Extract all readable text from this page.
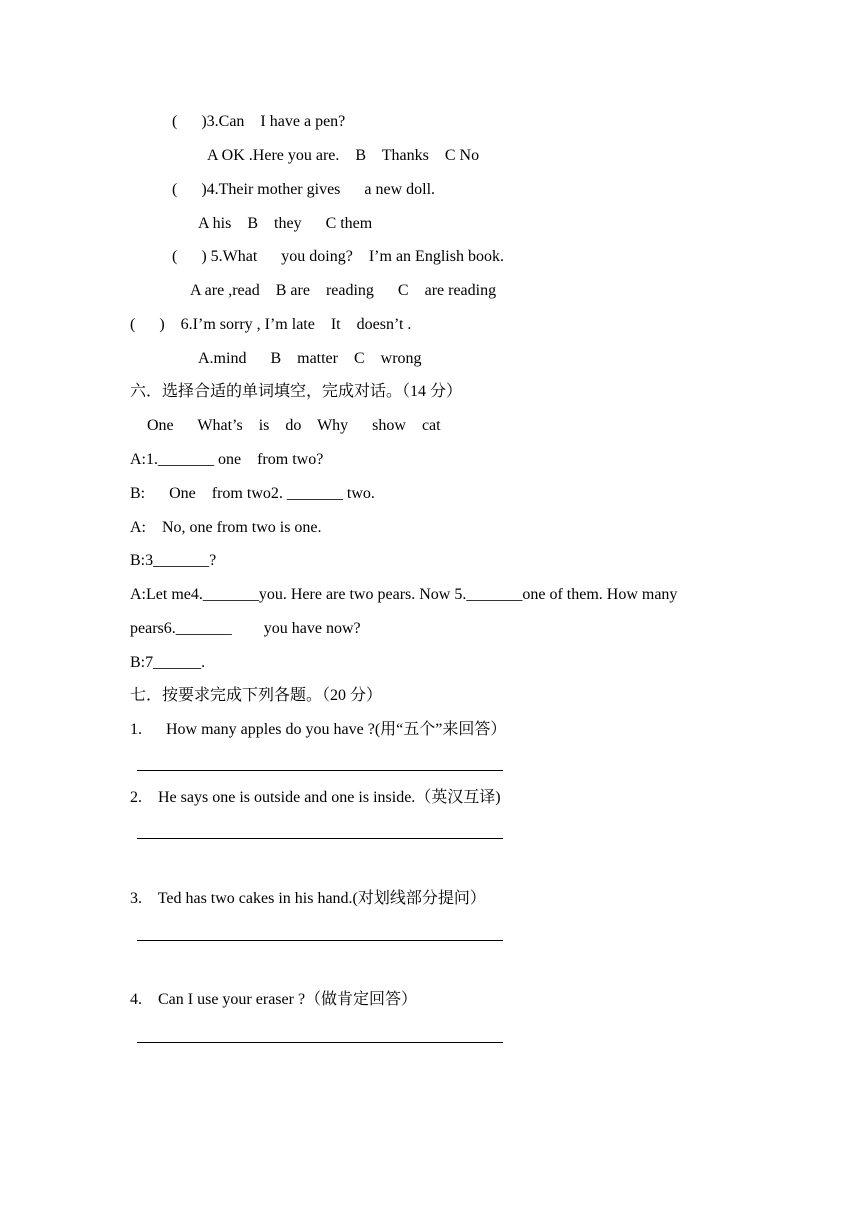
(      )3.Can    I have a pen?
A OK .Here you are.    B    Thanks    C No
(      )4.Their mother gives      a new doll.
A his    B    they      C them
(      ) 5.What      you doing?    I’m an English book.
A are ,read    B are    reading      C    are reading
(      )    6.I’m sorry , I’m late    It    doesn’t .
A.mind      B    matter    C    wrong
六．选择合适的单词填空，完成对话。（14 分）
One      What’s    is    do    Why      show    cat
A:1._______ one    from two?
B:      One    from two2. _______ two.
A:    No, one from two is one.
B:3_______?
A:Let me4._______you. Here are two pears. Now 5._______one of them. How many
pears6._______        you have now?
B:7______.
七．按要求完成下列各题。（20 分）
1.      How many apples do you have ?(用“五个”来回答）
2.    He says one is outside and one is inside.（英汉互译)
3.    Ted has two cakes in his hand.(对划线部分提问）
4.    Can I use your eraser ?（做肯定回答）
